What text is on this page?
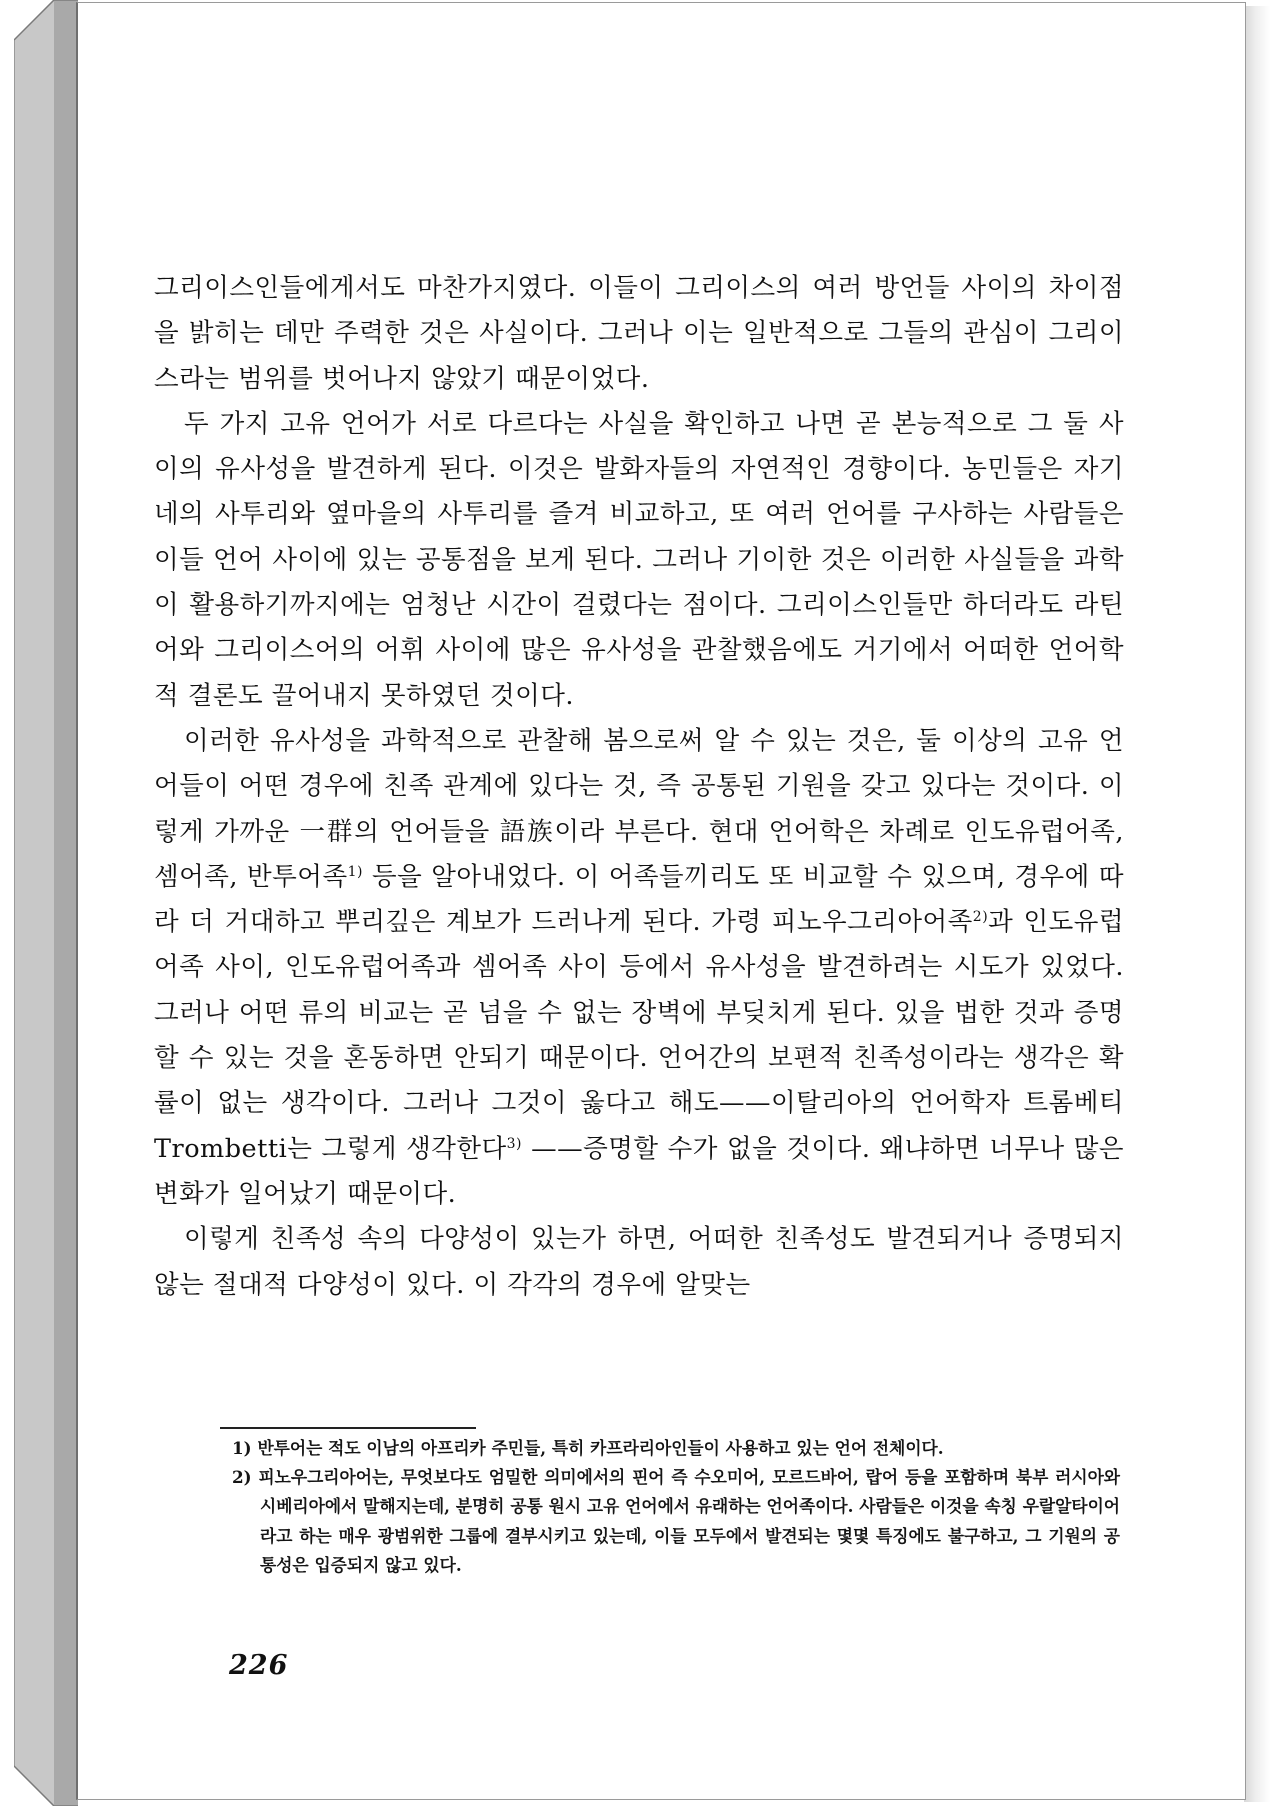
그리이스인들에게서도 마찬가지였다. 이들이 그리이스의 여러 방언들 사이의 차이점을 밝히는 데만 주력한 것은 사실이다. 그러나 이는 일반적으로 그들의 관심이 그리이스라는 범위를 벗어나지 않았기 때문이었다.

두 가지 고유 언어가 서로 다르다는 사실을 확인하고 나면 곧 본능적으로 그 둘 사이의 유사성을 발견하게 된다. 이것은 발화자들의 자연적인 경향이다. 농민들은 자기네의 사투리와 옆마을의 사투리를 즐겨 비교하고, 또 여러 언어를 구사하는 사람들은 이들 언어 사이에 있는 공통점을 보게 된다. 그러나 기이한 것은 이러한 사실들을 과학이 활용하기까지에는 엄청난 시간이 걸렸다는 점이다. 그리이스인들만 하더라도 라틴어와 그리이스어의 어휘 사이에 많은 유사성을 관찰했음에도 거기에서 어떠한 언어학적 결론도 끌어내지 못하였던 것이다.

이러한 유사성을 과학적으로 관찰해 봄으로써 알 수 있는 것은, 둘 이상의 고유 언어들이 어떤 경우에 친족 관계에 있다는 것, 즉 공통된 기원을 갖고 있다는 것이다. 이렇게 가까운 一群의 언어들을 語族이라 부른다. 현대 언어학은 차례로 인도유럽어족, 셈어족, 반투어족$^{1)}$ 등을 알아내었다. 이 어족들끼리도 또 비교할 수 있으며, 경우에 따라 더 거대하고 뿌리깊은 계보가 드러나게 된다. 가령 피노우그리아어족$^{2)}$과 인도유럽어족 사이, 인도유럽어족과 셈어족 사이 등에서 유사성을 발견하려는 시도가 있었다. 그러나 어떤 류의 비교는 곧 넘을 수 없는 장벽에 부딪치게 된다. 있을 법한 것과 증명할 수 있는 것을 혼동하면 안되기 때문이다. 언어간의 보편적 친족성이라는 생각은 확률이 없는 생각이다. 그러나 그것이 옳다고 해도——이탈리아의 언어학자 트롬베티 Trombetti는 그렇게 생각한다$^{3)}$ ——증명할 수가 없을 것이다. 왜냐하면 너무나 많은 변화가 일어났기 때문이다.

이렇게 친족성 속의 다양성이 있는가 하면, 어떠한 친족성도 발견되거나 증명되지 않는 절대적 다양성이 있다. 이 각각의 경우에 알맞는

1) 반투어는 적도 이남의 아프리카 주민들, 특히 카프라리아인들이 사용하고 있는 언어 전체이다.

2) 피노우그리아어는, 무엇보다도 엄밀한 의미에서의 핀어 즉 수오미어, 모르드바어, 랍어 등을 포함하며 북부 러시아와 시베리아에서 말해지는데, 분명히 공통 원시 고유 언어에서 유래하는 언어족이다. 사람들은 이것을 속칭 우랄알타이어라고 하는 매우 광범위한 그룹에 결부시키고 있는데, 이들 모두에서 발견되는 몇몇 특징에도 불구하고, 그 기원의 공통성은 입증되지 않고 있다.

226
